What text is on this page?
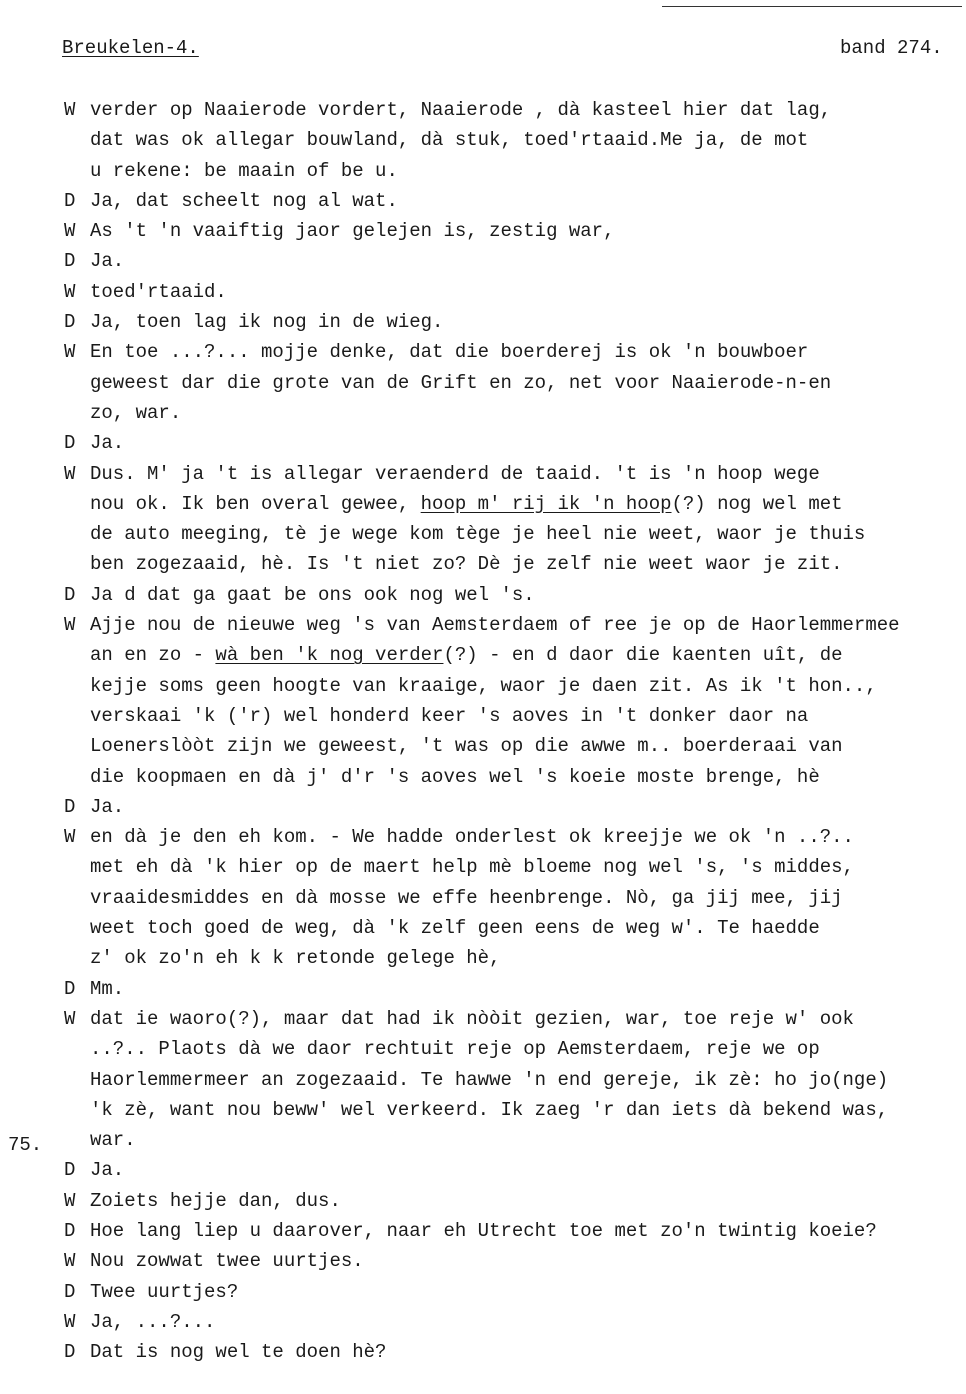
Breukelen-4.	band 274.
75.
W verder op Naaierode vordert, Naaierode , dà kasteel hier dat lag,
dat was ok allegar bouwland, dà stuk, toed'rtaaid.Me ja, de mot
u rekene: be maain of be u.
D Ja, dat scheelt nog al wat.
W As 't 'n vaaiftig jaor gelejen is, zestig war,
D Ja.
W toed'rtaaid.
D Ja, toen lag ik nog in de wieg.
W En toe ...?... mojje denke, dat die boerderej is ok 'n bouwboer
geweest dar die grote van de Grift en zo, net voor Naaierode-n-en
zo, war.
D Ja.
W Dus. M' ja 't is allegar veraenderd de taaid. 't is 'n hoop wege
nou ok. Ik ben overal gewee, hoop m' rij ik 'n hoop(?) nog wel met
de auto meeging, tè je wege kom tège je heel nie weet, waor je thuis
ben zogezaaid, hè. Is 't niet zo? Dè je zelf nie weet waor je zit.
D Ja d dat ga gaat be ons ook nog wel 's.
W Ajje nou de nieuwe weg 's van Aemsterdaem of ree je op de Haorlemmermee
an en zo - wà ben 'k nog verder(?) - en d daor die kaenten uît, de
kejje soms geen hoogte van kraaige, waor je daen zit. As ik 't hon..,
verskaai 'k ('r) wel honderd keer 's aoves in 't donker daor na
Loenerslòòt zijn we geweest, 't was op die awwe m.. boerderaai van
die koopmaen en dà j' d'r 's aoves wel 's koeie moste brenge, hè
D Ja.
W en dà je den eh kom. - We hadde onderlest ok kreejje we ok 'n ..?..
met eh dà 'k hier op de maert help mè bloeme nog wel 's, 's middes,
vraaidesmiddes en dà mosse we effe heenbrenge. Nò, ga jij mee, jij
weet toch goed de weg, dà 'k zelf geen eens de weg w'. Te haedde
z' ok zo'n eh k k retonde gelege hè,
D Mm.
W dat ie waoro(?), maar dat had ik nòòit gezien, war, toe reje w' ook
..?.. Plaots dà we daor rechtuit reje op Aemsterdaem, reje we op
Haorlemmermeer an zogezaaid. Te hawwe 'n end gereje, ik zè: ho jo(nge)
'k zè, want nou beww' wel verkeerd. Ik zaeg 'r dan iets dà bekend was,
war.
D Ja.
W Zoiets hejje dan, dus.
D Hoe lang liep u daarover, naar eh Utrecht toe met zo'n twintig koeie?
W Nou zowwat twee uurtjes.
D Twee uurtjes?
W Ja, ...?...
D Dat is nog wel te doen hè?
